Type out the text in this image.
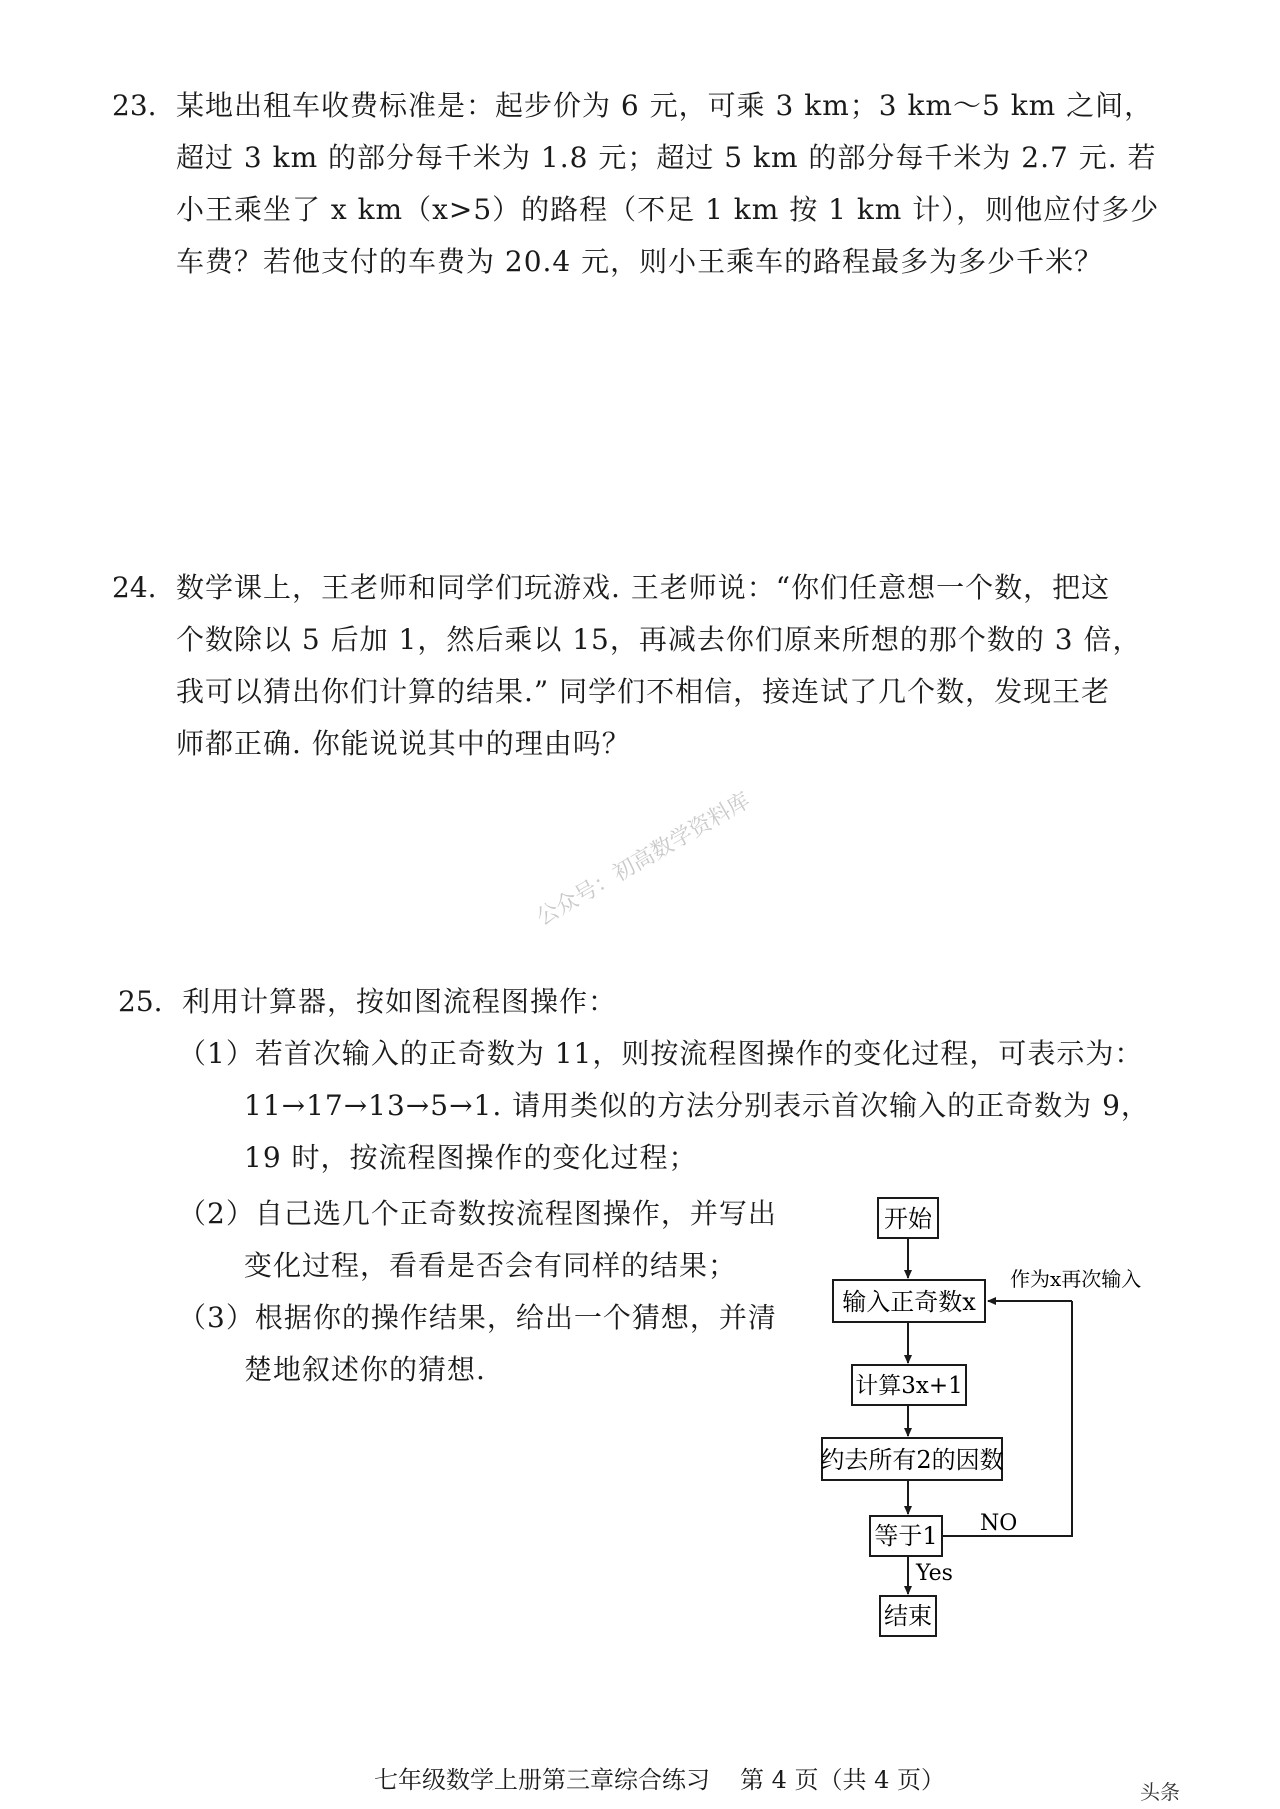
23. 某地出租车收费标准是：起步价为 6 元，可乘 3 km；3 km～5 km 之间，
超过 3 km 的部分每千米为 1.8 元；超过 5 km 的部分每千米为 2.7 元. 若
小王乘坐了 x km（x>5）的路程（不足 1 km 按 1 km 计），则他应付多少
车费？若他支付的车费为 20.4 元，则小王乘车的路程最多为多少千米？
24. 数学课上，王老师和同学们玩游戏. 王老师说：“你们任意想一个数，把这
个数除以 5 后加 1，然后乘以 15，再减去你们原来所想的那个数的 3 倍，
我可以猜出你们计算的结果.” 同学们不相信，接连试了几个数，发现王老
师都正确. 你能说说其中的理由吗？
公众号：初高数学资料库
25. 利用计算器，按如图流程图操作：
（1）若首次输入的正奇数为 11，则按流程图操作的变化过程，可表示为：
11→17→13→5→1. 请用类似的方法分别表示首次输入的正奇数为 9，
19 时，按流程图操作的变化过程；
（2）自己选几个正奇数按流程图操作，并写出
变化过程，看看是否会有同样的结果；
（3）根据你的操作结果，给出一个猜想，并清
楚地叙述你的猜想.
开始
输入正奇数x
作为x再次输入
计算3x+1
约去所有2的因数
等于1 NO
Yes
结束
七年级数学上册第三章综合练习 第 4 页（共 4 页）	头条
